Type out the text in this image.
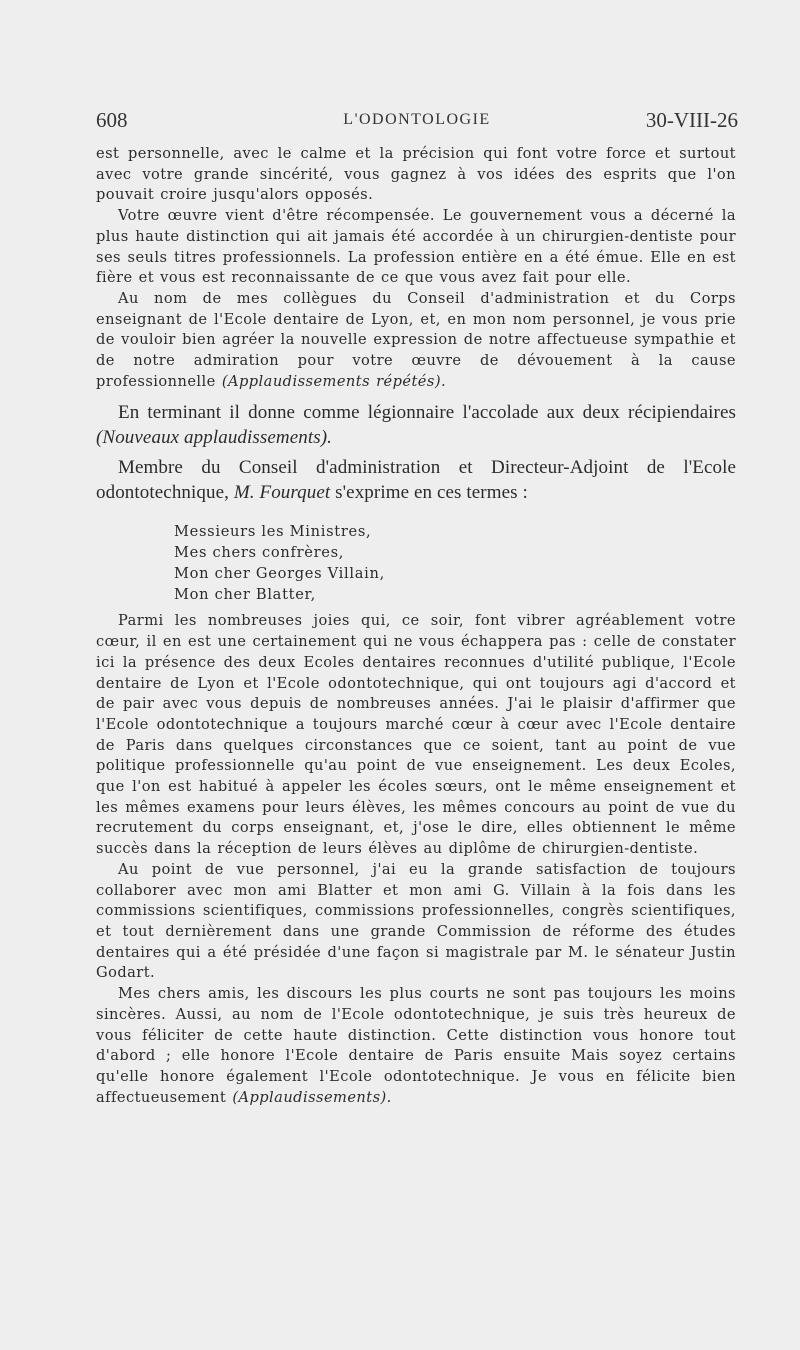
608	L'ODONTOLOGIE	30-VIII-26

est personnelle, avec le calme et la précision qui font votre force et surtout avec votre grande sincérité, vous gagnez à vos idées des esprits que l'on pouvait croire jusqu'alors opposés.

Votre œuvre vient d'être récompensée. Le gouvernement vous a décerné la plus haute distinction qui ait jamais été accordée à un chirurgien-dentiste pour ses seuls titres professionnels. La profession entière en a été émue. Elle en est fière et vous est reconnaissante de ce que vous avez fait pour elle.

Au nom de mes collègues du Conseil d'administration et du Corps enseignant de l'Ecole dentaire de Lyon, et, en mon nom personnel, je vous prie de vouloir bien agréer la nouvelle expression de notre affectueuse sympathie et de notre admiration pour votre œuvre de dévouement à la cause professionnelle (Applaudissements répétés).

En terminant il donne comme légionnaire l'accolade aux deux récipiendaires (Nouveaux applaudissements).

Membre du Conseil d'administration et Directeur-Adjoint de l'Ecole odontotechnique, M. Fourquet s'exprime en ces termes :

Messieurs les Ministres,
Mes chers confrères,
Mon cher Georges Villain,
Mon cher Blatter,

Parmi les nombreuses joies qui, ce soir, font vibrer agréablement votre cœur, il en est une certainement qui ne vous échappera pas : celle de constater ici la présence des deux Ecoles dentaires reconnues d'utilité publique, l'Ecole dentaire de Lyon et l'Ecole odontotechnique, qui ont toujours agi d'accord et de pair avec vous depuis de nombreuses années. J'ai le plaisir d'affirmer que l'Ecole odontotechnique a toujours marché cœur à cœur avec l'Ecole dentaire de Paris dans quelques circonstances que ce soient, tant au point de vue politique professionnelle qu'au point de vue enseignement. Les deux Ecoles, que l'on est habitué à appeler les écoles sœurs, ont le même enseignement et les mêmes examens pour leurs élèves, les mêmes concours au point de vue du recrutement du corps enseignant, et, j'ose le dire, elles obtiennent le même succès dans la réception de leurs élèves au diplôme de chirurgien-dentiste.

Au point de vue personnel, j'ai eu la grande satisfaction de toujours collaborer avec mon ami Blatter et mon ami G. Villain à la fois dans les commissions scientifiques, commissions professionnelles, congrès scientifiques, et tout dernièrement dans une grande Commission de réforme des études dentaires qui a été présidée d'une façon si magistrale par M. le sénateur Justin Godart.

Mes chers amis, les discours les plus courts ne sont pas toujours les moins sincères. Aussi, au nom de l'Ecole odontotechnique, je suis très heureux de vous féliciter de cette haute distinction. Cette distinction vous honore tout d'abord ; elle honore l'Ecole dentaire de Paris ensuite Mais soyez certains qu'elle honore également l'Ecole odontotechnique. Je vous en félicite bien affectueusement (Applaudissements).
